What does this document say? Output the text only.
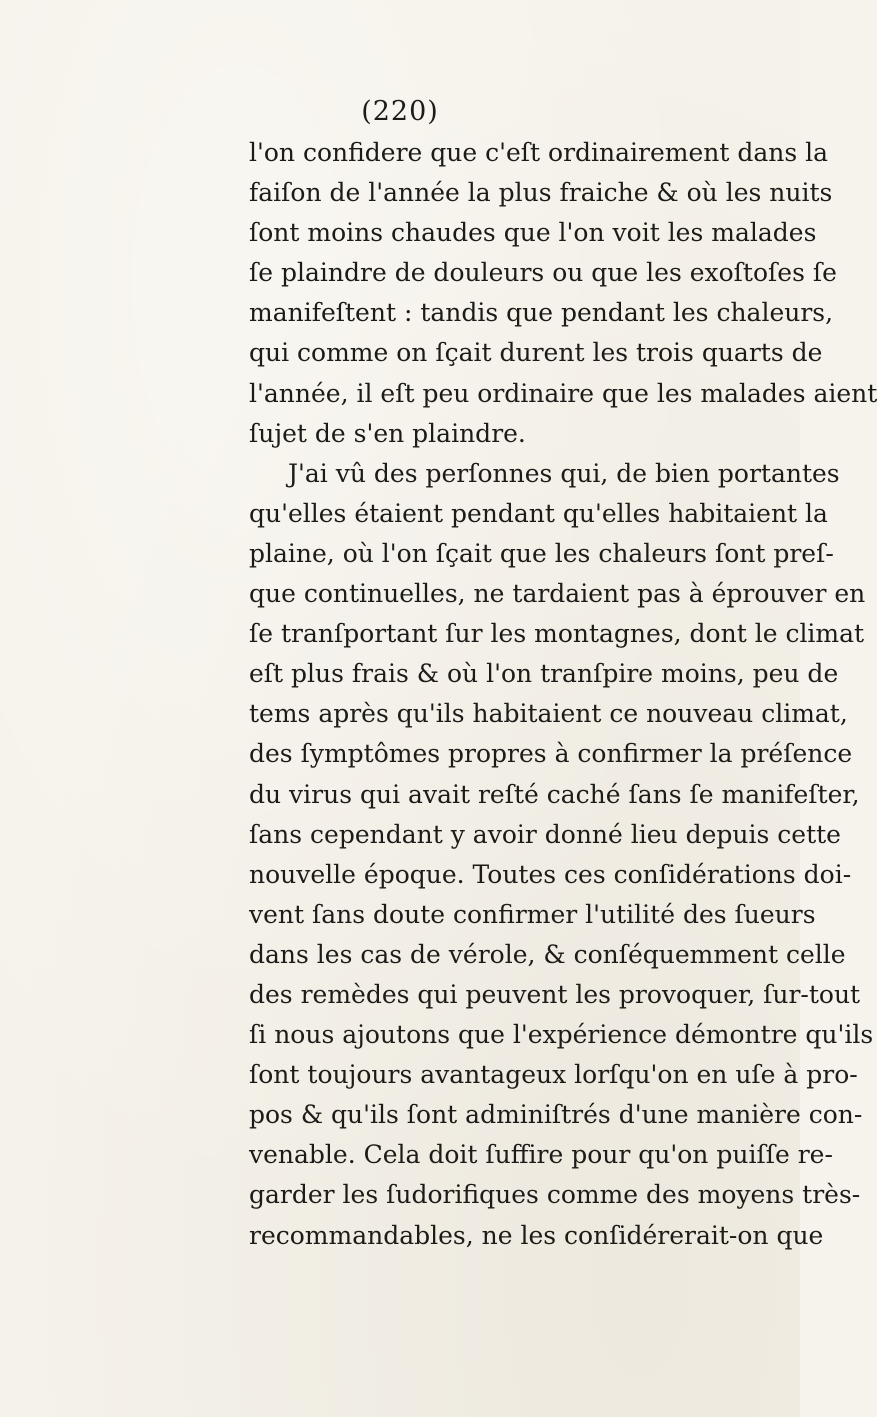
(220)
l'on confidere que c'eſt ordinairement dans la
faiſon de l'année la plus fraiche & où les nuits
ſont moins chaudes que l'on voit les malades
ſe plaindre de douleurs ou que les exoſtoſes ſe
manifeſtent : tandis que pendant les chaleurs,
qui comme on ſçait durent les trois quarts de
l'année, il eſt peu ordinaire que les malades aient
ſujet de s'en plaindre.
J'ai vû des perſonnes qui, de bien portantes
qu'elles étaient pendant qu'elles habitaient la
plaine, où l'on ſçait que les chaleurs ſont preſ-
que continuelles, ne tardaient pas à éprouver en
ſe tranſportant ſur les montagnes, dont le climat
eſt plus frais & où l'on tranſpire moins, peu de
tems après qu'ils habitaient ce nouveau climat,
des ſymptômes propres à confirmer la préſence
du virus qui avait reſté caché ſans ſe manifeſter,
ſans cependant y avoir donné lieu depuis cette
nouvelle époque. Toutes ces conſidérations doi-
vent ſans doute confirmer l'utilité des ſueurs
dans les cas de vérole, & conſéquemment celle
des remèdes qui peuvent les provoquer, ſur-tout
ſi nous ajoutons que l'expérience démontre qu'ils
ſont toujours avantageux lorſqu'on en uſe à pro-
pos & qu'ils ſont adminiſtrés d'une manière con-
venable. Cela doit ſuffire pour qu'on puiſſe re-
garder les ſudorifiques comme des moyens très-
recommandables, ne les conſidérerait-on que
